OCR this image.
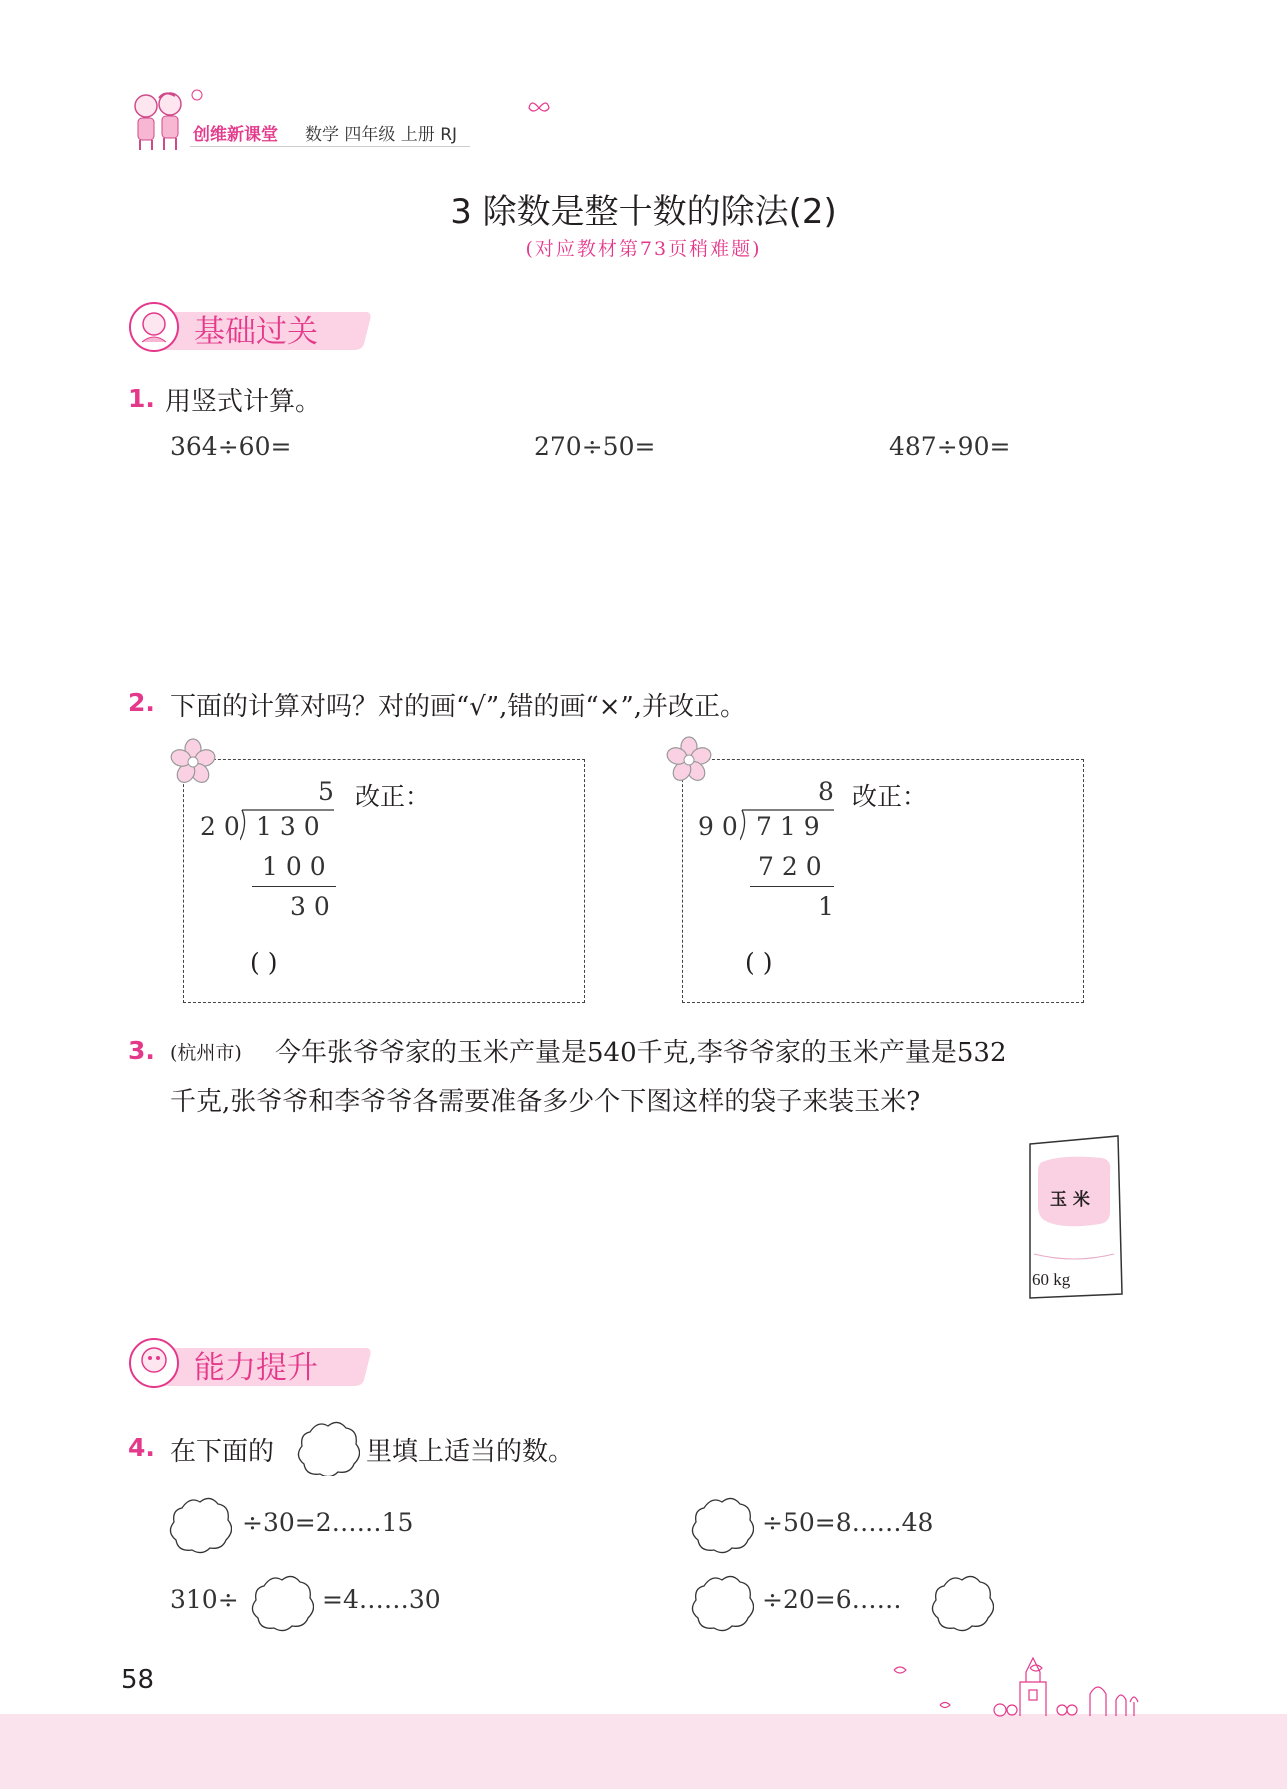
创维新课堂 数学 四年级 上册 RJ
3 除数是整十数的除法(2)
(对应教材第73页稍难题)
基础过关
1. 用竖式计算。
364÷60=	270÷50=	487÷90=
2. 下面的计算对吗？对的画“√”,错的画“×”,并改正。
5
20 130
100
30
改正：
( )
8
90 719
720
1
改正：
( )
3. (杭州市) 今年张爷爷家的玉米产量是540千克,李爷爷家的玉米产量是532
千克,张爷爷和李爷爷各需要准备多少个下图这样的袋子来装玉米?
玉 米
60 kg
能力提升
4. 在下面的	里填上适当的数。
÷30=2……15	÷50=8……48
310÷	=4……30	÷20=6……
58
